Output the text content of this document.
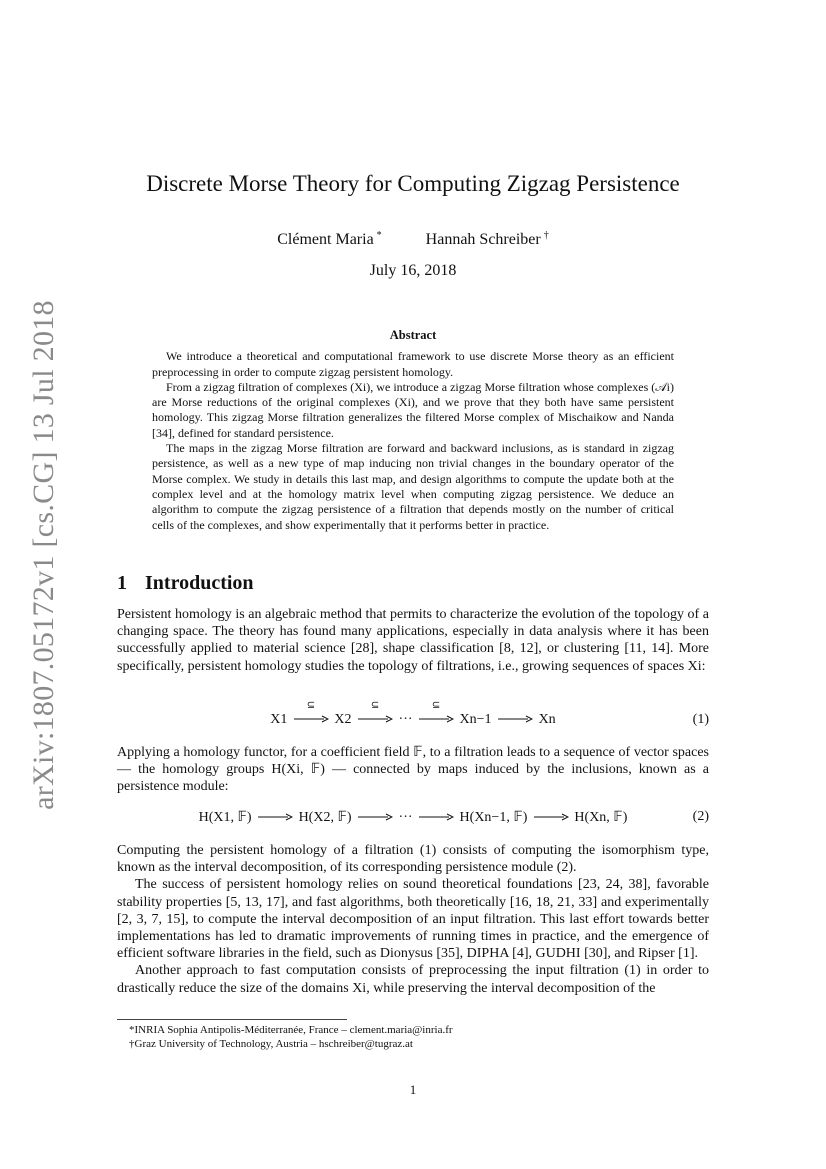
arXiv:1807.05172v1 [cs.CG] 13 Jul 2018
Discrete Morse Theory for Computing Zigzag Persistence
Clément Maria *	Hannah Schreiber †
July 16, 2018
Abstract

We introduce a theoretical and computational framework to use discrete Morse theory as an efficient preprocessing in order to compute zigzag persistent homology.

From a zigzag filtration of complexes (Xi), we introduce a zigzag Morse filtration whose complexes (𝒜i) are Morse reductions of the original complexes (Xi), and we prove that they both have same persistent homology. This zigzag Morse filtration generalizes the filtered Morse complex of Mischaikow and Nanda [34], defined for standard persistence.

The maps in the zigzag Morse filtration are forward and backward inclusions, as is standard in zigzag persistence, as well as a new type of map inducing non trivial changes in the boundary operator of the Morse complex. We study in details this last map, and design algorithms to compute the update both at the complex level and at the homology matrix level when computing zigzag persistence. We deduce an algorithm to compute the zigzag persistence of a filtration that depends mostly on the number of critical cells of the complexes, and show experimentally that it performs better in practice.

1 Introduction

Persistent homology is an algebraic method that permits to characterize the evolution of the topology of a changing space. The theory has found many applications, especially in data analysis where it has been successfully applied to material science [28], shape classification [8, 12], or clustering [11, 14]. More specifically, persistent homology studies the topology of filtrations, i.e., growing sequences of spaces Xi:

X1
⊆
X2
⊆
···
⊆
Xn−1	Xn	(1)

Applying a homology functor, for a coefficient field 𝔽, to a filtration leads to a sequence of vector spaces — the homology groups H(Xi, 𝔽) — connected by maps induced by the inclusions, known as a persistence module:

H(X1, 𝔽)	H(X2, 𝔽)	···	H(Xn−1, 𝔽)	H(Xn, 𝔽)	(2)

Computing the persistent homology of a filtration (1) consists of computing the isomorphism type, known as the interval decomposition, of its corresponding persistence module (2).

The success of persistent homology relies on sound theoretical foundations [23, 24, 38], favorable stability properties [5, 13, 17], and fast algorithms, both theoretically [16, 18, 21, 33] and experimentally [2, 3, 7, 15], to compute the interval decomposition of an input filtration. This last effort towards better implementations has led to dramatic improvements of running times in practice, and the emergence of efficient software libraries in the field, such as Dionysus [35], DIPHA [4], GUDHI [30], and Ripser [1].

Another approach to fast computation consists of preprocessing the input filtration (1) in order to drastically reduce the size of the domains Xi, while preserving the interval decomposition of the

*INRIA Sophia Antipolis-Méditerranée, France – clement.maria@inria.fr
†Graz University of Technology, Austria – hschreiber@tugraz.at
1
